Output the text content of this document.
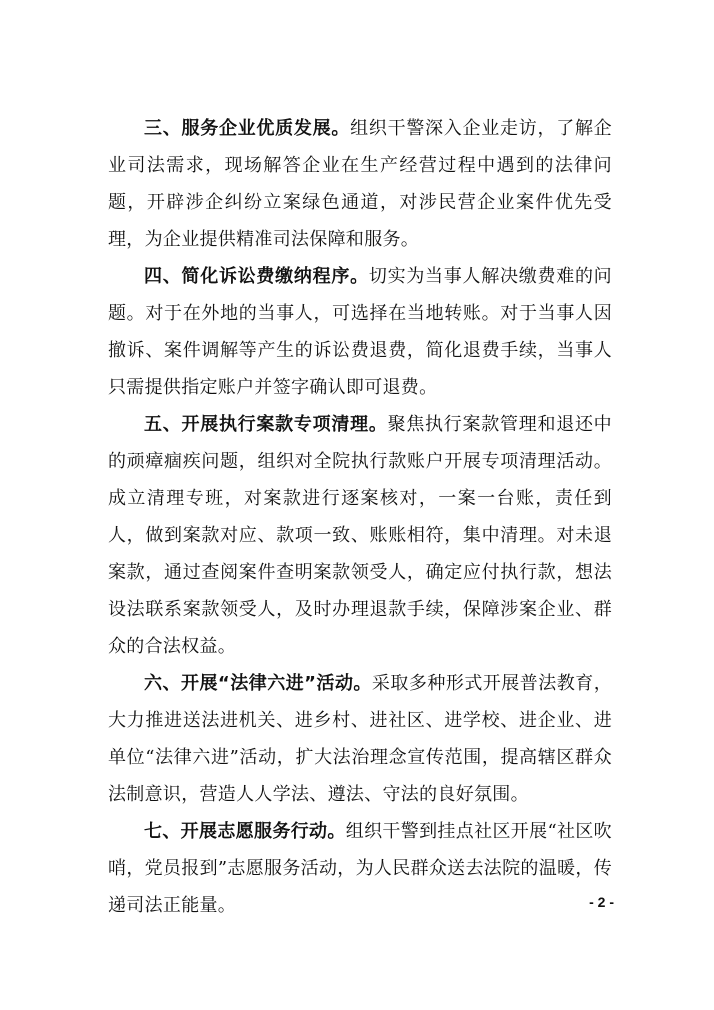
三、服务企业优质发展。组织干警深入企业走访，了解企业司法需求，现场解答企业在生产经营过程中遇到的法律问题，开辟涉企纠纷立案绿色通道，对涉民营企业案件优先受理，为企业提供精准司法保障和服务。

四、简化诉讼费缴纳程序。切实为当事人解决缴费难的问题。对于在外地的当事人，可选择在当地转账。对于当事人因撤诉、案件调解等产生的诉讼费退费，简化退费手续，当事人只需提供指定账户并签字确认即可退费。

五、开展执行案款专项清理。聚焦执行案款管理和退还中的顽瘴痼疾问题，组织对全院执行款账户开展专项清理活动。成立清理专班，对案款进行逐案核对，一案一台账，责任到人，做到案款对应、款项一致、账账相符，集中清理。对未退案款，通过查阅案件查明案款领受人，确定应付执行款，想法设法联系案款领受人，及时办理退款手续，保障涉案企业、群众的合法权益。

六、开展“法律六进”活动。采取多种形式开展普法教育，大力推进送法进机关、进乡村、进社区、进学校、进企业、进单位“法律六进”活动，扩大法治理念宣传范围，提高辖区群众法制意识，营造人人学法、遵法、守法的良好氛围。

七、开展志愿服务行动。组织干警到挂点社区开展“社区吹哨，党员报到”志愿服务活动，为人民群众送去法院的温暖，传递司法正能量。	- 2 -
